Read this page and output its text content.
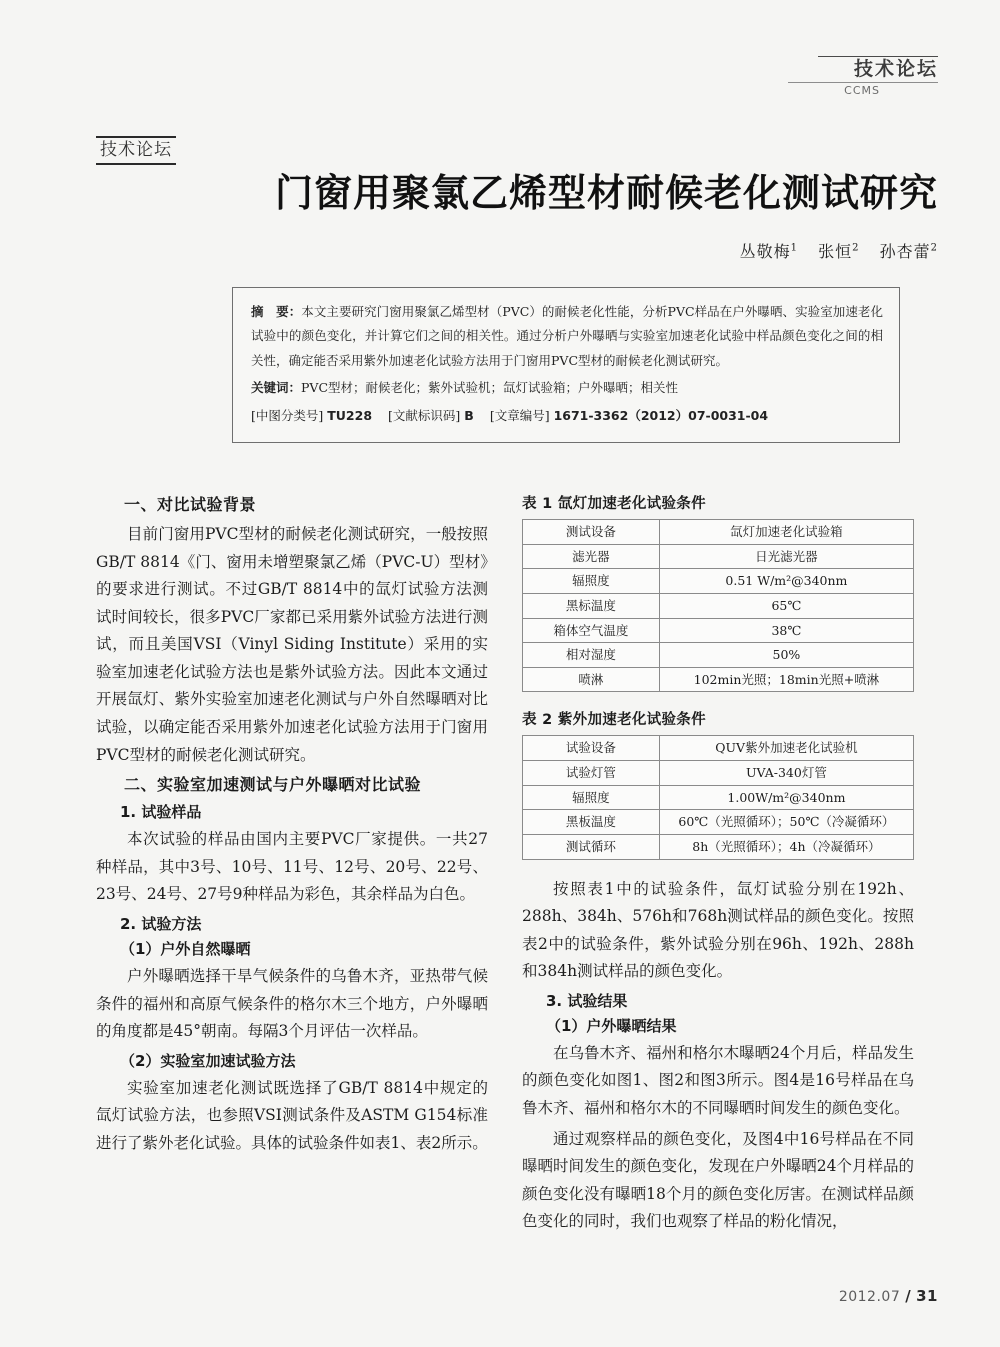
技术论坛
CCMS
技术论坛
门窗用聚氯乙烯型材耐候老化测试研究
丛敬梅$^1$ 张恒$^2$ 孙杏蕾$^2$

摘　要：本文主要研究门窗用聚氯乙烯型材（PVC）的耐候老化性能，分析PVC样品在户外曝晒、实验室加速老化试验中的颜色变化，并计算它们之间的相关性。通过分析户外曝晒与实验室加速老化试验中样品颜色变化之间的相关性，确定能否采用紫外加速老化试验方法用于门窗用PVC型材的耐候老化测试研究。

关键词：PVC型材；耐候老化；紫外试验机；氙灯试验箱；户外曝晒；相关性

[中图分类号] TU228 [文献标识码] B [文章编号] 1671-3362（2012）07-0031-04

一、对比试验背景

目前门窗用PVC型材的耐候老化测试研究，一般按照GB/T 8814《门、窗用未增塑聚氯乙烯（PVC-U）型材》的要求进行测试。不过GB/T 8814中的氙灯试验方法测试时间较长，很多PVC厂家都已采用紫外试验方法进行测试，而且美国VSI（Vinyl Siding Institute）采用的实验室加速老化试验方法也是紫外试验方法。因此本文通过开展氙灯、紫外实验室加速老化测试与户外自然曝晒对比试验，以确定能否采用紫外加速老化试验方法用于门窗用PVC型材的耐候老化测试研究。

二、实验室加速测试与户外曝晒对比试验
1. 试验样品

本次试验的样品由国内主要PVC厂家提供。一共27种样品，其中3号、10号、11号、12号、20号、22号、23号、24号、27号9种样品为彩色，其余样品为白色。

2. 试验方法
（1）户外自然曝晒

户外曝晒选择干旱气候条件的乌鲁木齐，亚热带气候条件的福州和高原气候条件的格尔木三个地方，户外曝晒的角度都是45°朝南。每隔3个月评估一次样品。

（2）实验室加速试验方法

实验室加速老化测试既选择了GB/T 8814中规定的氙灯试验方法，也参照VSI测试条件及ASTM G154标准进行了紫外老化试验。具体的试验条件如表1、表2所示。

表 1 氙灯加速老化试验条件
测试设备	氙灯加速老化试验箱
滤光器	日光滤光器
辐照度	0.51 W/m²@340nm
黑标温度	65℃
箱体空气温度	38℃
相对湿度	50%
喷淋	102min光照；18min光照+喷淋
表 2 紫外加速老化试验条件
试验设备	QUV紫外加速老化试验机
试验灯管	UVA-340灯管
辐照度	1.00W/m²@340nm
黑板温度	60℃（光照循环）；50℃（冷凝循环）
测试循环	8h（光照循环）；4h（冷凝循环）

按照表1中的试验条件，氙灯试验分别在192h、288h、384h、576h和768h测试样品的颜色变化。按照表2中的试验条件，紫外试验分别在96h、192h、288h和384h测试样品的颜色变化。

3. 试验结果
（1）户外曝晒结果

在乌鲁木齐、福州和格尔木曝晒24个月后，样品发生的颜色变化如图1、图2和图3所示。图4是16号样品在乌鲁木齐、福州和格尔木的不同曝晒时间发生的颜色变化。

通过观察样品的颜色变化，及图4中16号样品在不同曝晒时间发生的颜色变化，发现在户外曝晒24个月样品的颜色变化没有曝晒18个月的颜色变化厉害。在测试样品颜色变化的同时，我们也观察了样品的粉化情况，

2012.07 / 31
